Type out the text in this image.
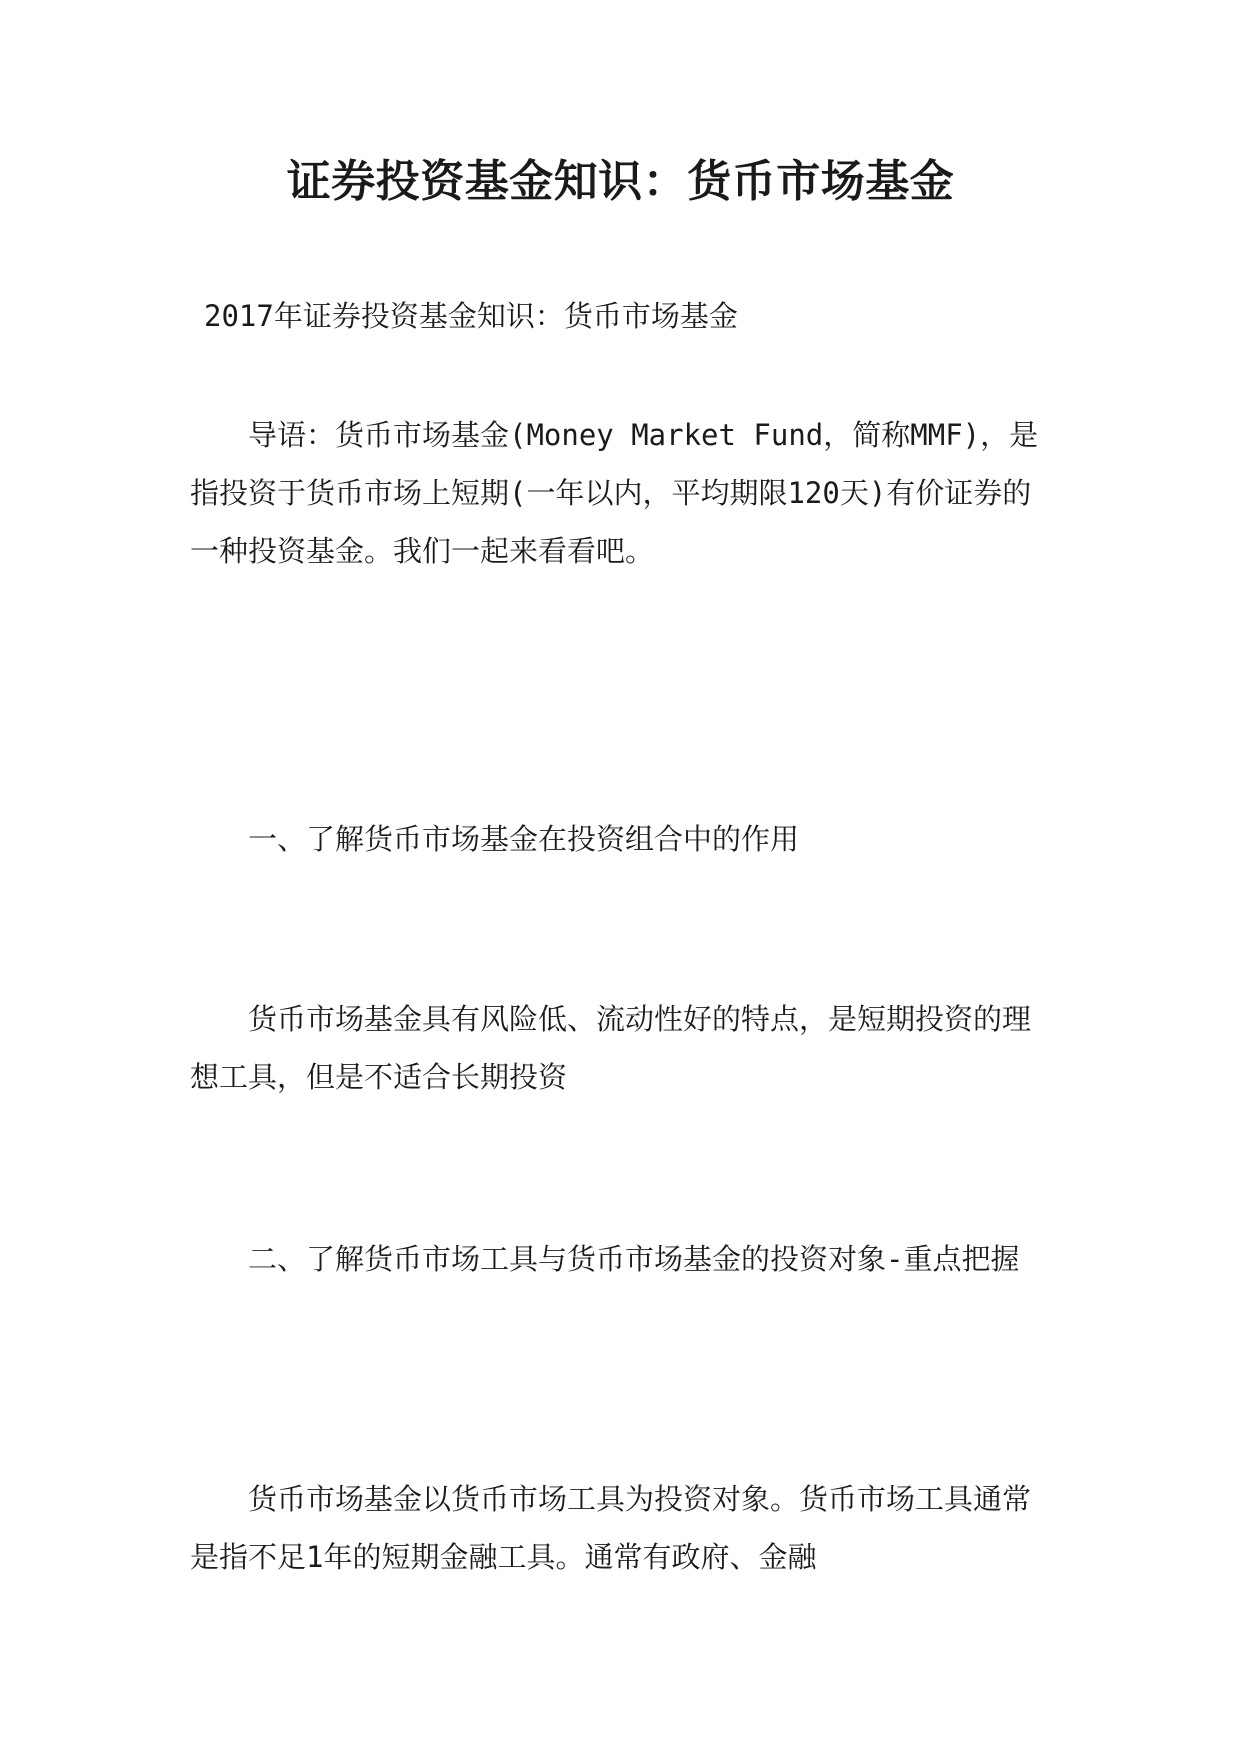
证券投资基金知识：货币市场基金

2017年证券投资基金知识：货币市场基金

导语：货币市场基金(Money Market Fund，简称MMF)，是指投资于货币市场上短期(一年以内，平均期限120天)有价证券的一种投资基金。我们一起来看看吧。

一、了解货币市场基金在投资组合中的作用

货币市场基金具有风险低、流动性好的特点，是短期投资的理想工具，但是不适合长期投资

二、了解货币市场工具与货币市场基金的投资对象-重点把握

货币市场基金以货币市场工具为投资对象。货币市场工具通常是指不足1年的短期金融工具。通常有政府、金融
